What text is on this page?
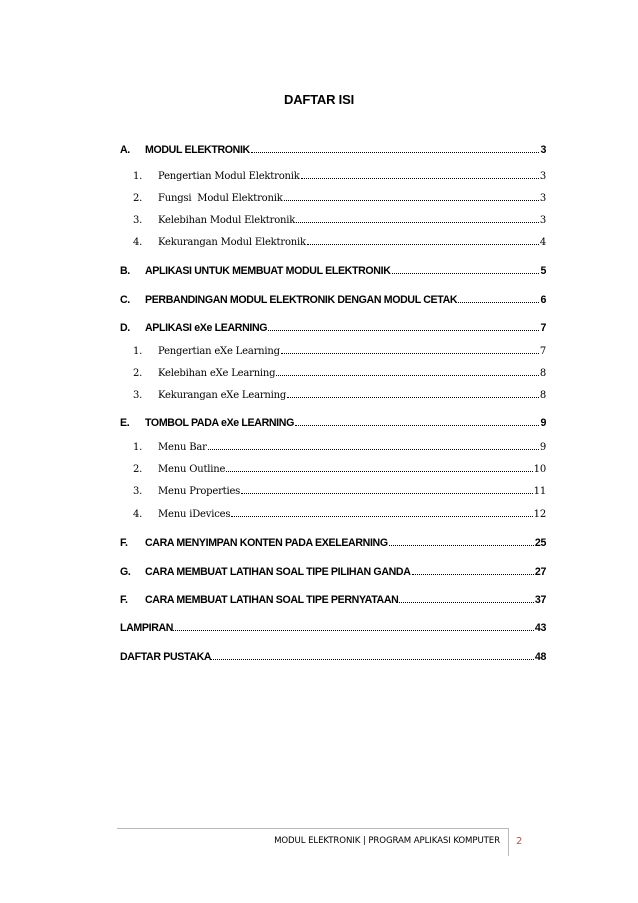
DAFTAR ISI
A.	MODUL ELEKTRONIK	3
1.	Pengertian Modul Elektronik	3
2.	Fungsi  Modul Elektronik	3
3.	Kelebihan Modul Elektronik	3
4.	Kekurangan Modul Elektronik	4
B.	APLIKASI UNTUK MEMBUAT MODUL ELEKTRONIK	5
C.	PERBANDINGAN MODUL ELEKTRONIK DENGAN MODUL CETAK	6
D.	APLIKASI eXe LEARNING	7
1.	Pengertian eXe Learning	7
2.	Kelebihan eXe Learning	8
3.	Kekurangan eXe Learning	8
E.	TOMBOL PADA eXe LEARNING	9
1.	Menu Bar	9
2.	Menu Outline	10
3.	Menu Properties	11
4.	Menu iDevices	12
F.	CARA MENYIMPAN KONTEN PADA EXELEARNING	25
G.	CARA MEMBUAT LATIHAN SOAL TIPE PILIHAN GANDA	27
F.	CARA MEMBUAT LATIHAN SOAL TIPE PERNYATAAN	37
LAMPIRAN	43
DAFTAR PUSTAKA	48
MODUL ELEKTRONIK | PROGRAM APLIKASI KOMPUTER 2
